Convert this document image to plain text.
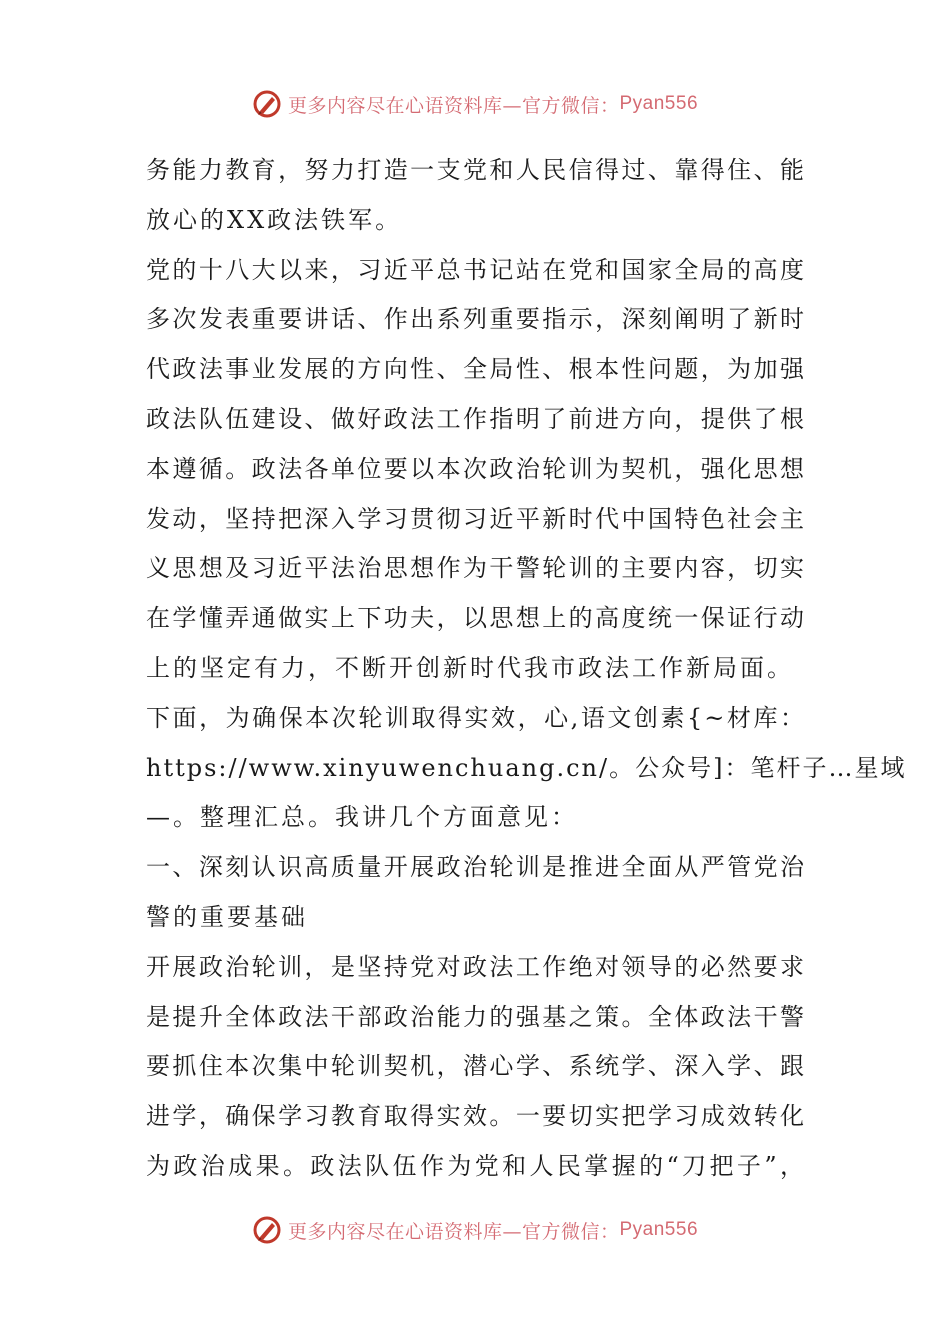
更多内容尽在心语资料库—官方微信： Pyan556
务能力教育，努力打造一支党和人民信得过、靠得住、能
放心的XX政法铁军。
党的十八大以来，习近平总书记站在党和国家全局的高度
多次发表重要讲话、作出系列重要指示，深刻阐明了新时
代政法事业发展的方向性、全局性、根本性问题，为加强
政法队伍建设、做好政法工作指明了前进方向，提供了根
本遵循。政法各单位要以本次政治轮训为契机，强化思想
发动，坚持把深入学习贯彻习近平新时代中国特色社会主
义思想及习近平法治思想作为干警轮训的主要内容，切实
在学懂弄通做实上下功夫，以思想上的高度统一保证行动
上的坚定有力，不断开创新时代我市政法工作新局面。
下面，为确保本次轮训取得实效，心,语文创素{~材库：
https://www.xinyuwenchuang.cn/。公众号]：笔杆子…星域
—。整理汇总。我讲几个方面意见：
一、深刻认识高质量开展政治轮训是推进全面从严管党治
警的重要基础
开展政治轮训，是坚持党对政法工作绝对领导的必然要求
是提升全体政法干部政治能力的强基之策。全体政法干警
要抓住本次集中轮训契机，潜心学、系统学、深入学、跟
进学，确保学习教育取得实效。一要切实把学习成效转化
为政治成果。政法队伍作为党和人民掌握的“刀把子”，
更多内容尽在心语资料库—官方微信： Pyan556
